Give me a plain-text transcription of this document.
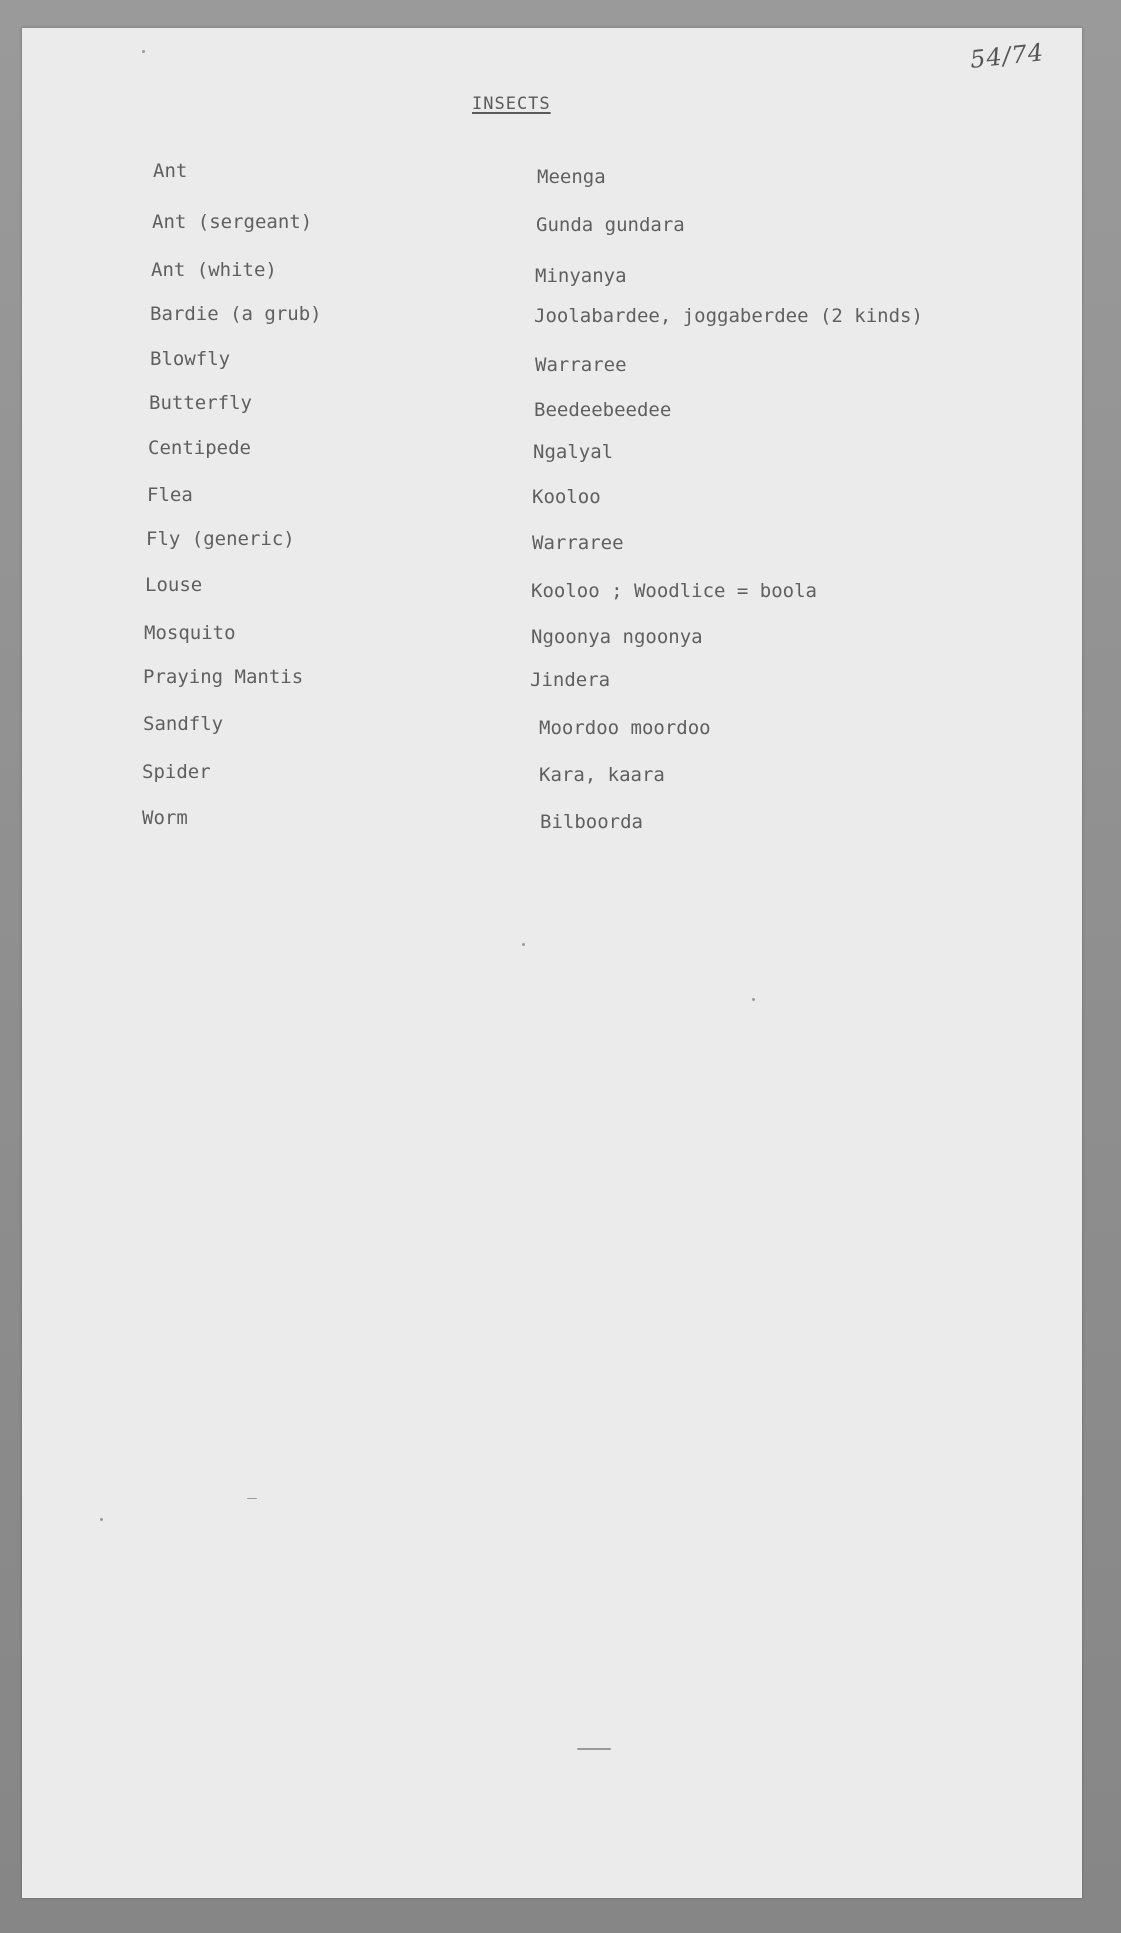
54/74
INSECTS
Ant	Meenga
Ant (sergeant)	Gunda gundara
Ant (white)	Minyanya
Bardie (a grub)	Joolabardee, joggaberdee (2 kinds)
Blowfly	Warraree
Butterfly	Beedeebeedee
Centipede	Ngalyal
Flea	Kooloo
Fly (generic)	Warraree
Louse	Kooloo ; Woodlice = boola
Mosquito	Ngoonya ngoonya
Praying Mantis	Jindera
Sandfly	Moordoo moordoo
Spider	Kara, kaara
Worm	Bilboorda
